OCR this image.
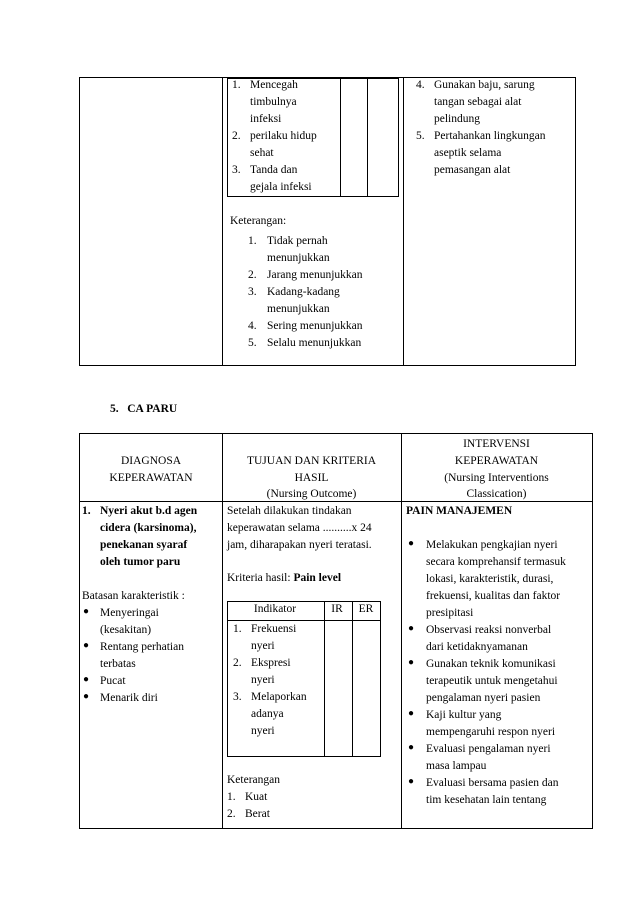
1. Mencegah
timbulnya
infeksi
2. perilaku hidup
sehat
3. Tanda dan
gejala infeksi
Keterangan:
1. Tidak pernah
menunjukkan
2. Jarang menunjukkan
3. Kadang-kadang
menunjukkan
4. Sering menunjukkan
5. Selalu menunjukkan
4. Gunakan baju, sarung
tangan sebagai alat
pelindung
5. Pertahankan lingkungan
aseptik selama
pemasangan alat
5.   CA PARU
DIAGNOSA
KEPERAWATAN
TUJUAN DAN KRITERIA
HASIL
(Nursing Outcome)
INTERVENSI
KEPERAWATAN
(Nursing Interventions
Classication)
1. Nyeri akut b.d agen
cidera (karsinoma),
penekanan syaraf
oleh tumor paru
Batasan karakteristik :
● Menyeringai
(kesakitan)
● Rentang perhatian
terbatas
● Pucat
● Menarik diri
Setelah dilakukan tindakan
keperawatan selama ..........x 24
jam, diharapakan nyeri teratasi.
Kriteria hasil: Pain level
Indikator	IR	ER
1. Frekuensi
nyeri
2. Ekspresi
nyeri
3. Melaporkan
adanya
nyeri
Keterangan
1. Kuat
2. Berat
PAIN MANAJEMEN
● Melakukan pengkajian nyeri
secara komprehansif termasuk
lokasi, karakteristik, durasi,
frekuensi, kualitas dan faktor
presipitasi
● Observasi reaksi nonverbal
dari ketidaknyamanan
● Gunakan teknik komunikasi
terapeutik untuk mengetahui
pengalaman nyeri pasien
● Kaji kultur yang
mempengaruhi respon nyeri
● Evaluasi pengalaman nyeri
masa lampau
● Evaluasi bersama pasien dan
tim kesehatan lain tentang
